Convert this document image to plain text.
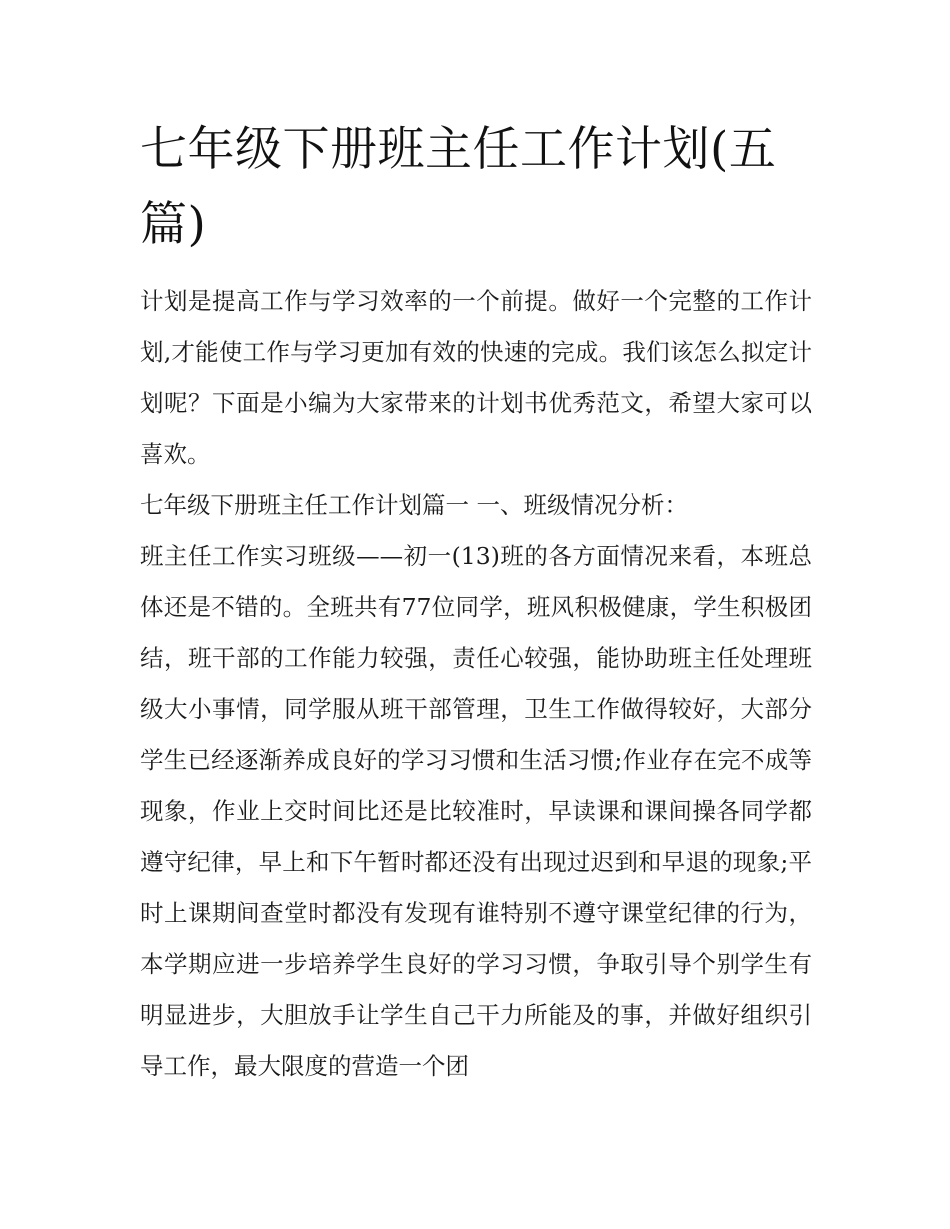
七年级下册班主任工作计划(五篇)

计划是提高工作与学习效率的一个前提。做好一个完整的工作计划,才能使工作与学习更加有效的快速的完成。我们该怎么拟定计划呢？下面是小编为大家带来的计划书优秀范文，希望大家可以喜欢。

七年级下册班主任工作计划篇一 一、班级情况分析：

班主任工作实习班级——初一(13)班的各方面情况来看，本班总体还是不错的。全班共有77位同学，班风积极健康，学生积极团结，班干部的工作能力较强，责任心较强，能协助班主任处理班级大小事情，同学服从班干部管理，卫生工作做得较好，大部分学生已经逐渐养成良好的学习习惯和生活习惯;作业存在完不成等现象，作业上交时间比还是比较准时，早读课和课间操各同学都遵守纪律，早上和下午暂时都还没有出现过迟到和早退的现象;平时上课期间查堂时都没有发现有谁特别不遵守课堂纪律的行为，本学期应进一步培养学生良好的学习习惯，争取引导个别学生有明显进步，大胆放手让学生自己干力所能及的事，并做好组织引导工作，最大限度的营造一个团
